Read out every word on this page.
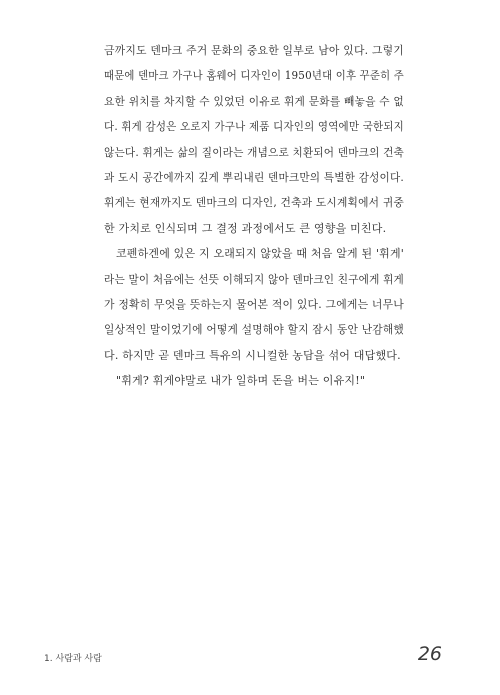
금까지도 덴마크 주거 문화의 중요한 일부로 남아 있다. 그렇기
때문에 덴마크 가구나 홈웨어 디자인이 1950년대 이후 꾸준히 주
요한 위치를 차지할 수 있었던 이유로 휘게 문화를 빼놓을 수 없
다. 휘게 감성은 오로지 가구나 제품 디자인의 영역에만 국한되지
않는다. 휘게는 삶의 질이라는 개념으로 치환되어 덴마크의 건축
과 도시 공간에까지 깊게 뿌리내린 덴마크만의 특별한 감성이다.
휘게는 현재까지도 덴마크의 디자인, 건축과 도시계획에서 귀중
한 가치로 인식되며 그 결정 과정에서도 큰 영향을 미친다.
코펜하겐에 있은 지 오래되지 않았을 때 처음 알게 된 '휘게'
라는 말이 처음에는 선뜻 이해되지 않아 덴마크인 친구에게 휘게
가 정확히 무엇을 뜻하는지 물어본 적이 있다. 그에게는 너무나
일상적인 말이었기에 어떻게 설명해야 할지 잠시 동안 난감해했
다. 하지만 곧 덴마크 특유의 시니컬한 농담을 섞어 대답했다.
"휘게? 휘게야말로 내가 일하며 돈을 버는 이유지!"
1. 사람과 사람	26
